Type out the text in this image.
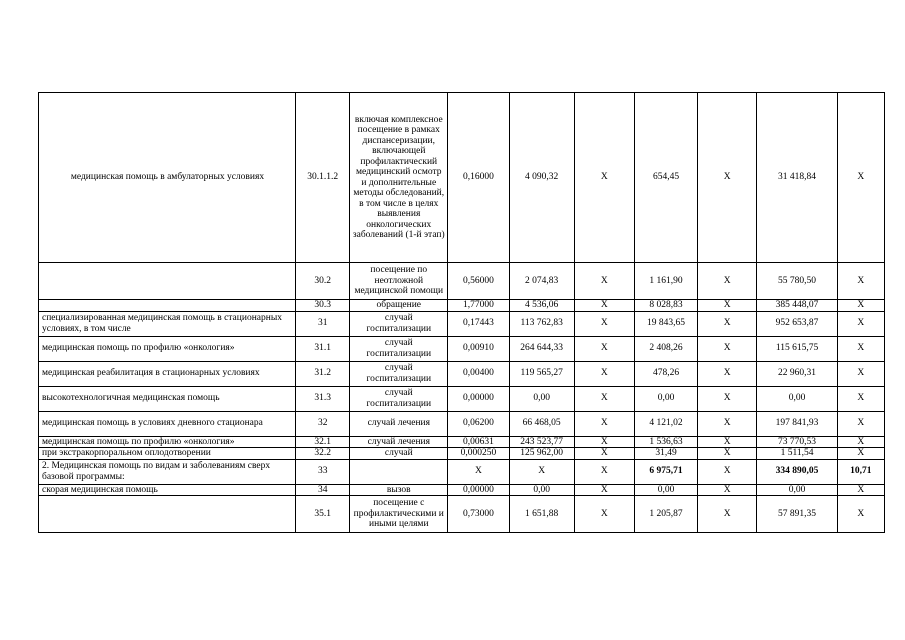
медицинская помощь в амбулаторных условиях	30.1.1.2	включая комплексное посещение в рамках диспансеризации, включающей профилактический медицинский осмотр и дополнительные методы обследований, в том числе в целях выявления онкологических заболеваний (1-й этап)	0,16000	4 090,32	X	654,45	X	31 418,84	X
	30.2	посещение по неотложной медицинской помощи	0,56000	2 074,83	X	1 161,90	X	55 780,50	X
	30.3	обращение	1,77000	4 536,06	X	8 028,83	X	385 448,07	X
специализированная медицинская помощь в стационарных условиях, в том числе	31	случай госпитализации	0,17443	113 762,83	X	19 843,65	X	952 653,87	X
медицинская помощь по профилю «онкология»	31.1	случай госпитализации	0,00910	264 644,33	X	2 408,26	X	115 615,75	X
медицинская реабилитация в стационарных условиях	31.2	случай госпитализации	0,00400	119 565,27	X	478,26	X	22 960,31	X
высокотехнологичная медицинская помощь	31.3	случай госпитализации	0,00000	0,00	X	0,00	X	0,00	X
медицинская помощь в условиях дневного стационара	32	случай лечения	0,06200	66 468,05	X	4 121,02	X	197 841,93	X
медицинская помощь по профилю «онкология»	32.1	случай лечения	0,00631	243 523,77	X	1 536,63	X	73 770,53	X
при экстракорпоральном оплодотворении	32.2	случай	0,000250	125 962,00	X	31,49	X	1 511,54	X
2. Медицинская помощь по видам и заболеваниям сверх базовой программы:	33		X	X	X	6 975,71	X	334 890,05	10,71
скорая медицинская помощь	34	вызов	0,00000	0,00	X	0,00	X	0,00	X
	35.1	посещение с профилактическими и иными целями	0,73000	1 651,88	X	1 205,87	X	57 891,35	X
